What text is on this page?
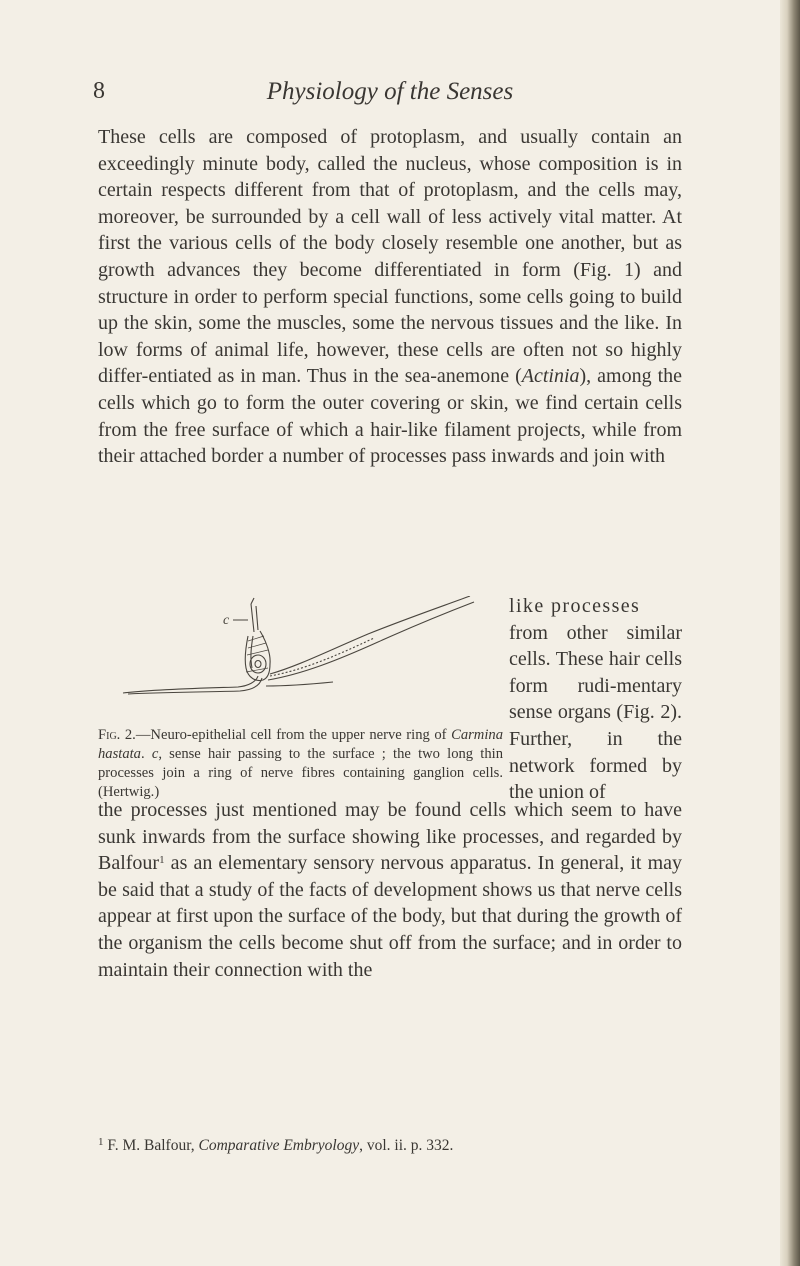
8	Physiology of the Senses

These cells are composed of protoplasm, and usually contain an exceedingly minute body, called the nucleus, whose composition is in certain respects different from that of protoplasm, and the cells may, moreover, be surrounded by a cell wall of less actively vital matter. At first the various cells of the body closely resemble one another, but as growth advances they become differentiated in form (Fig. 1) and structure in order to perform special functions, some cells going to build up the skin, some the muscles, some the nervous tissues and the like. In low forms of animal life, however, these cells are often not so highly differ-entiated as in man. Thus in the sea-anemone (Actinia), among the cells which go to form the outer covering or skin, we find certain cells from the free surface of which a hair-like filament projects, while from their attached border a number of processes pass inwards and join with

like processes
from other similar cells. These hair cells form rudi-mentary sense organs (Fig. 2). Further, in the network formed by the union of
c
Fig. 2.—Neuro-epithelial cell from the upper nerve ring of Carmina hastata. c, sense hair passing to the surface ; the two long thin processes join a ring of nerve fibres containing ganglion cells. (Hertwig.)
the processes just mentioned may be found cells which seem to have sunk inwards from the surface showing like processes, and regarded by Balfour$^1$ as an elementary sensory nervous apparatus. In general, it may be said that a study of the facts of development shows us that nerve cells appear at first upon the surface of the body, but that during the growth of the organism the cells become shut off from the surface; and in order to maintain their connection with the
$^1$ F. M. Balfour, Comparative Embryology, vol. ii. p. 332.
